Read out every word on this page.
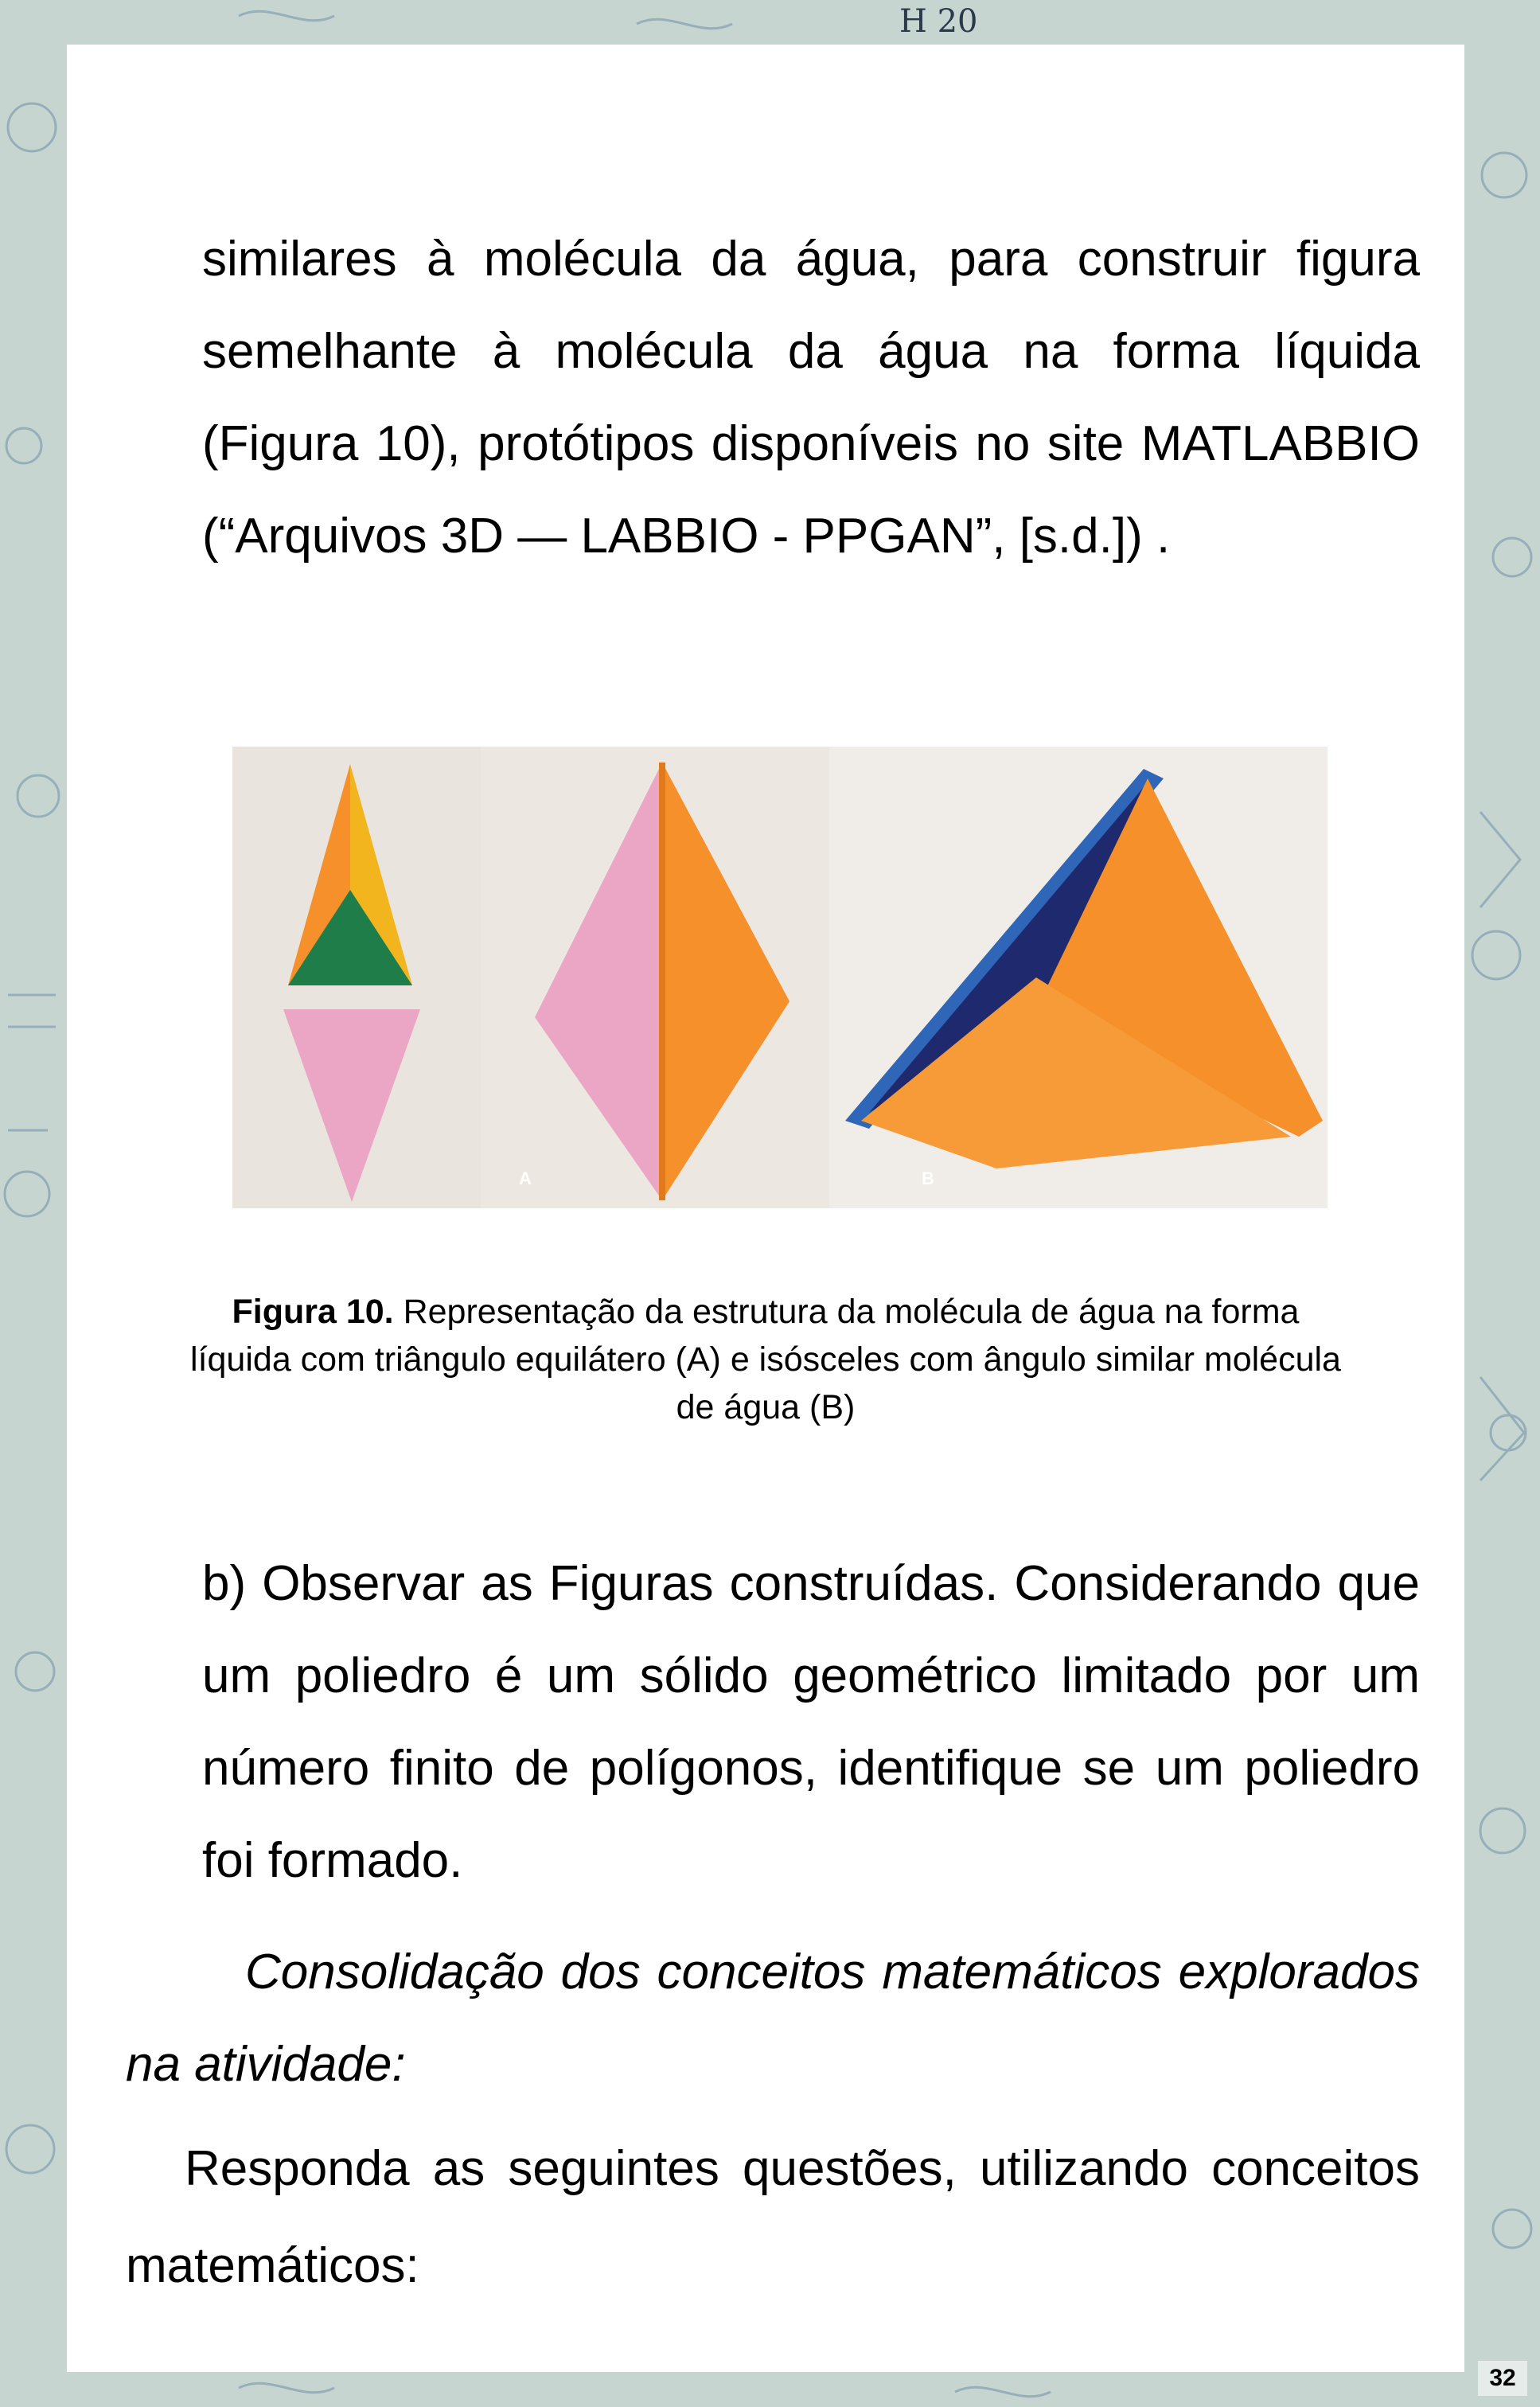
H 20

similares à molécula da água, para construir figura semelhante à molécula da água na forma líquida (Figura 10), protótipos disponíveis no site MATLABBIO (“Arquivos 3D — LABBIO - PPGAN”, [s.d.]) .

A	B
Figura 10. Representação da estrutura da molécula de água na forma líquida com triângulo equilátero (A) e isósceles com ângulo similar molécula de água (B)

b) Observar as Figuras construídas. Considerando que um poliedro é um sólido geométrico limitado por um número finito de polígonos, identifique se um poliedro foi formado.

Consolidação dos conceitos matemáticos explorados na atividade:

Responda as seguintes questões, utilizando conceitos matemáticos:

32
